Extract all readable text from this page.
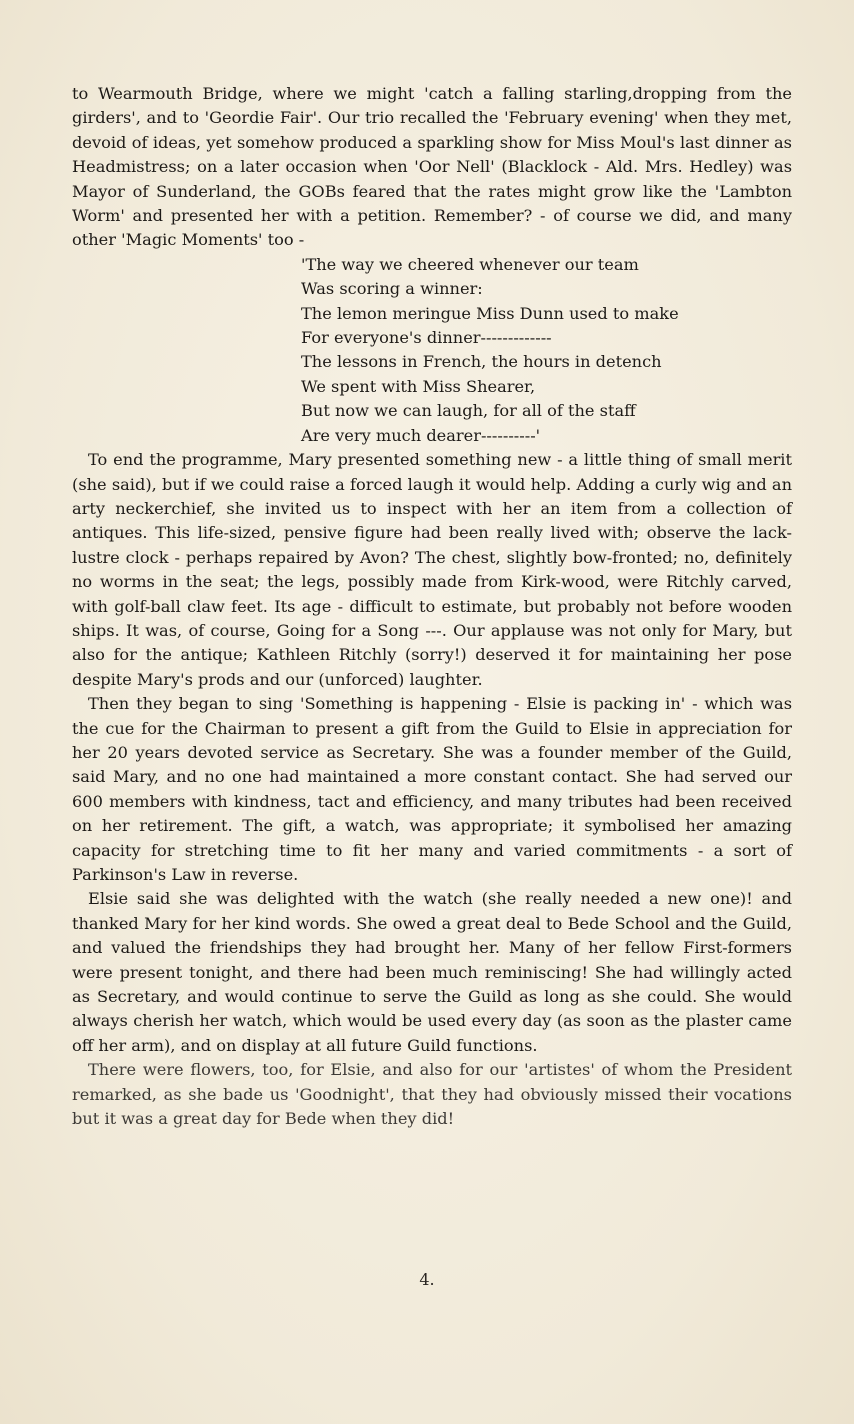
to Wearmouth Bridge, where we might 'catch a falling starling,dropping from the girders', and to 'Geordie Fair'. Our trio recalled the 'February evening' when they met, devoid of ideas, yet somehow produced a sparkling show for Miss Moul's last dinner as Headmistress; on a later occasion when 'Oor Nell' (Blacklock - Ald. Mrs. Hedley) was Mayor of Sunderland, the GOBs feared that the rates might grow like the 'Lambton Worm' and presented her with a petition. Remember? - of course we did, and many other 'Magic Moments' too -

'The way we cheered whenever our team
Was scoring a winner:
The lemon meringue Miss Dunn used to make
For everyone's dinner-------------
The lessons in French, the hours in detench
We spent with Miss Shearer,
But now we can laugh, for all of the staff
Are very much dearer----------'

To end the programme, Mary presented something new - a little thing of small merit (she said), but if we could raise a forced laugh it would help. Adding a curly wig and an arty neckerchief, she invited us to inspect with her an item from a collection of antiques. This life-sized, pensive figure had been really lived with; observe the lack-lustre clock - perhaps repaired by Avon? The chest, slightly bow-fronted; no, definitely no worms in the seat; the legs, possibly made from Kirk-wood, were Ritchly carved, with golf-ball claw feet. Its age - difficult to estimate, but probably not before wooden ships. It was, of course, Going for a Song ---. Our applause was not only for Mary, but also for the antique; Kathleen Ritchly (sorry!) deserved it for maintaining her pose despite Mary's prods and our (unforced) laughter.

Then they began to sing 'Something is happening - Elsie is packing in' - which was the cue for the Chairman to present a gift from the Guild to Elsie in appreciation for her 20 years devoted service as Secretary. She was a founder member of the Guild, said Mary, and no one had maintained a more constant contact. She had served our 600 members with kindness, tact and efficiency, and many tributes had been received on her retirement. The gift, a watch, was appropriate; it symbolised her amazing capacity for stretching time to fit her many and varied commitments - a sort of Parkinson's Law in reverse.

Elsie said she was delighted with the watch (she really needed a new one)! and thanked Mary for her kind words. She owed a great deal to Bede School and the Guild, and valued the friendships they had brought her. Many of her fellow First-formers were present tonight, and there had been much reminiscing! She had willingly acted as Secretary, and would continue to serve the Guild as long as she could. She would always cherish her watch, which would be used every day (as soon as the plaster came off her arm), and on display at all future Guild functions.

There were flowers, too, for Elsie, and also for our 'artistes' of whom the President remarked, as she bade us 'Goodnight', that they had obviously missed their vocations but it was a great day for Bede when they did!

4.
